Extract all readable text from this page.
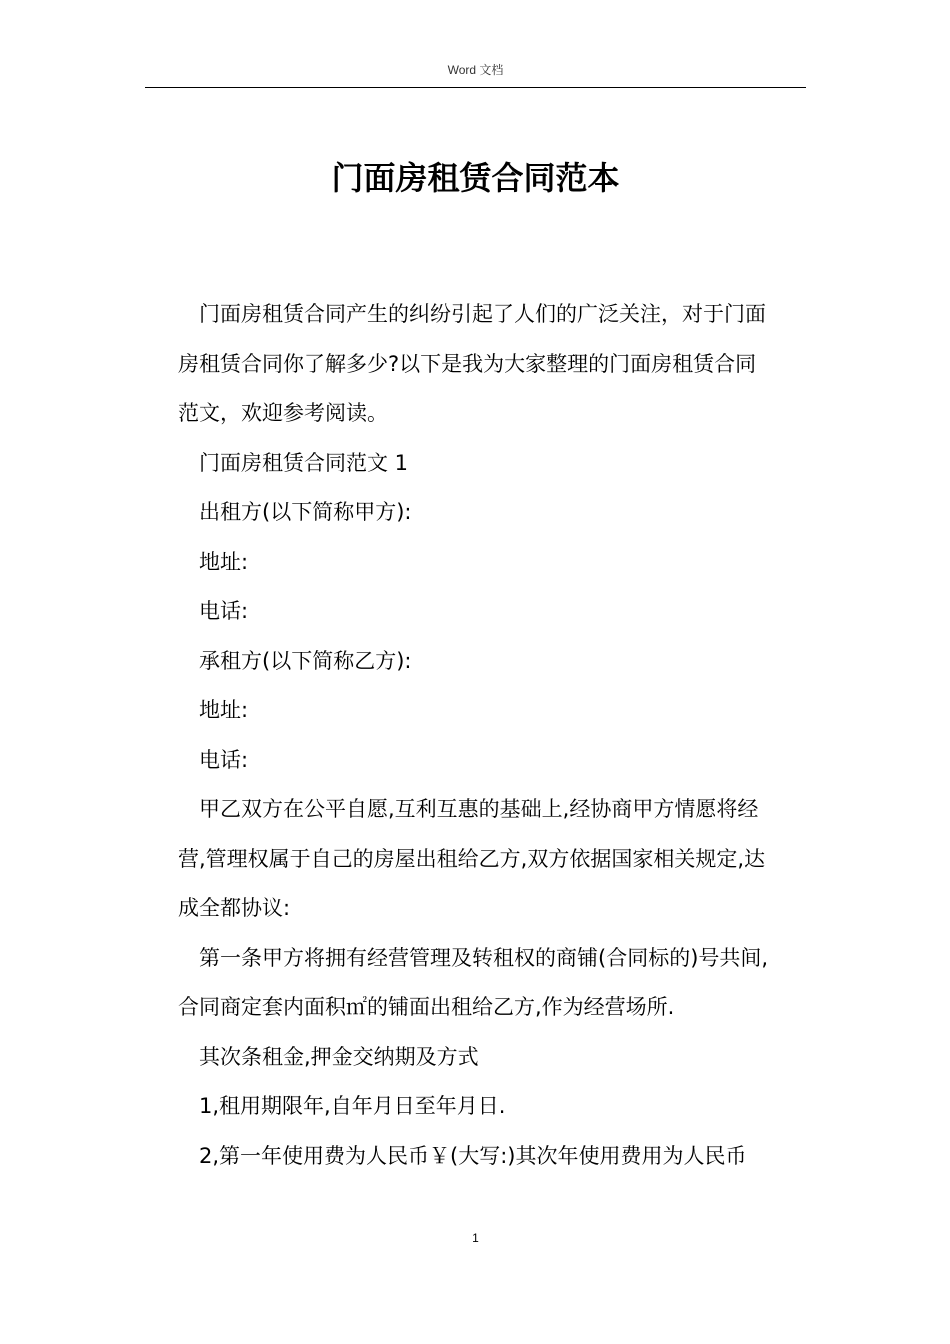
Word 文档
门面房租赁合同范本

门面房租赁合同产生的纠纷引起了人们的广泛关注，对于门面
房租赁合同你了解多少?以下是我为大家整理的门面房租赁合同
范文，欢迎参考阅读。

门面房租赁合同范文 1

出租方(以下简称甲方):

地址:

电话:

承租方(以下简称乙方):

地址:

电话:

甲乙双方在公平自愿,互利互惠的基础上,经协商甲方情愿将经
营,管理权属于自己的房屋出租给乙方,双方依据国家相关规定,达
成全都协议:

第一条甲方将拥有经营管理及转租权的商铺(合同标的)号共间,
合同商定套内面积㎡的铺面出租给乙方,作为经营场所.

其次条租金,押金交纳期及方式

1,租用期限年,自年月日至年月日.

2,第一年使用费为人民币￥(大写:)其次年使用费用为人民币

1
